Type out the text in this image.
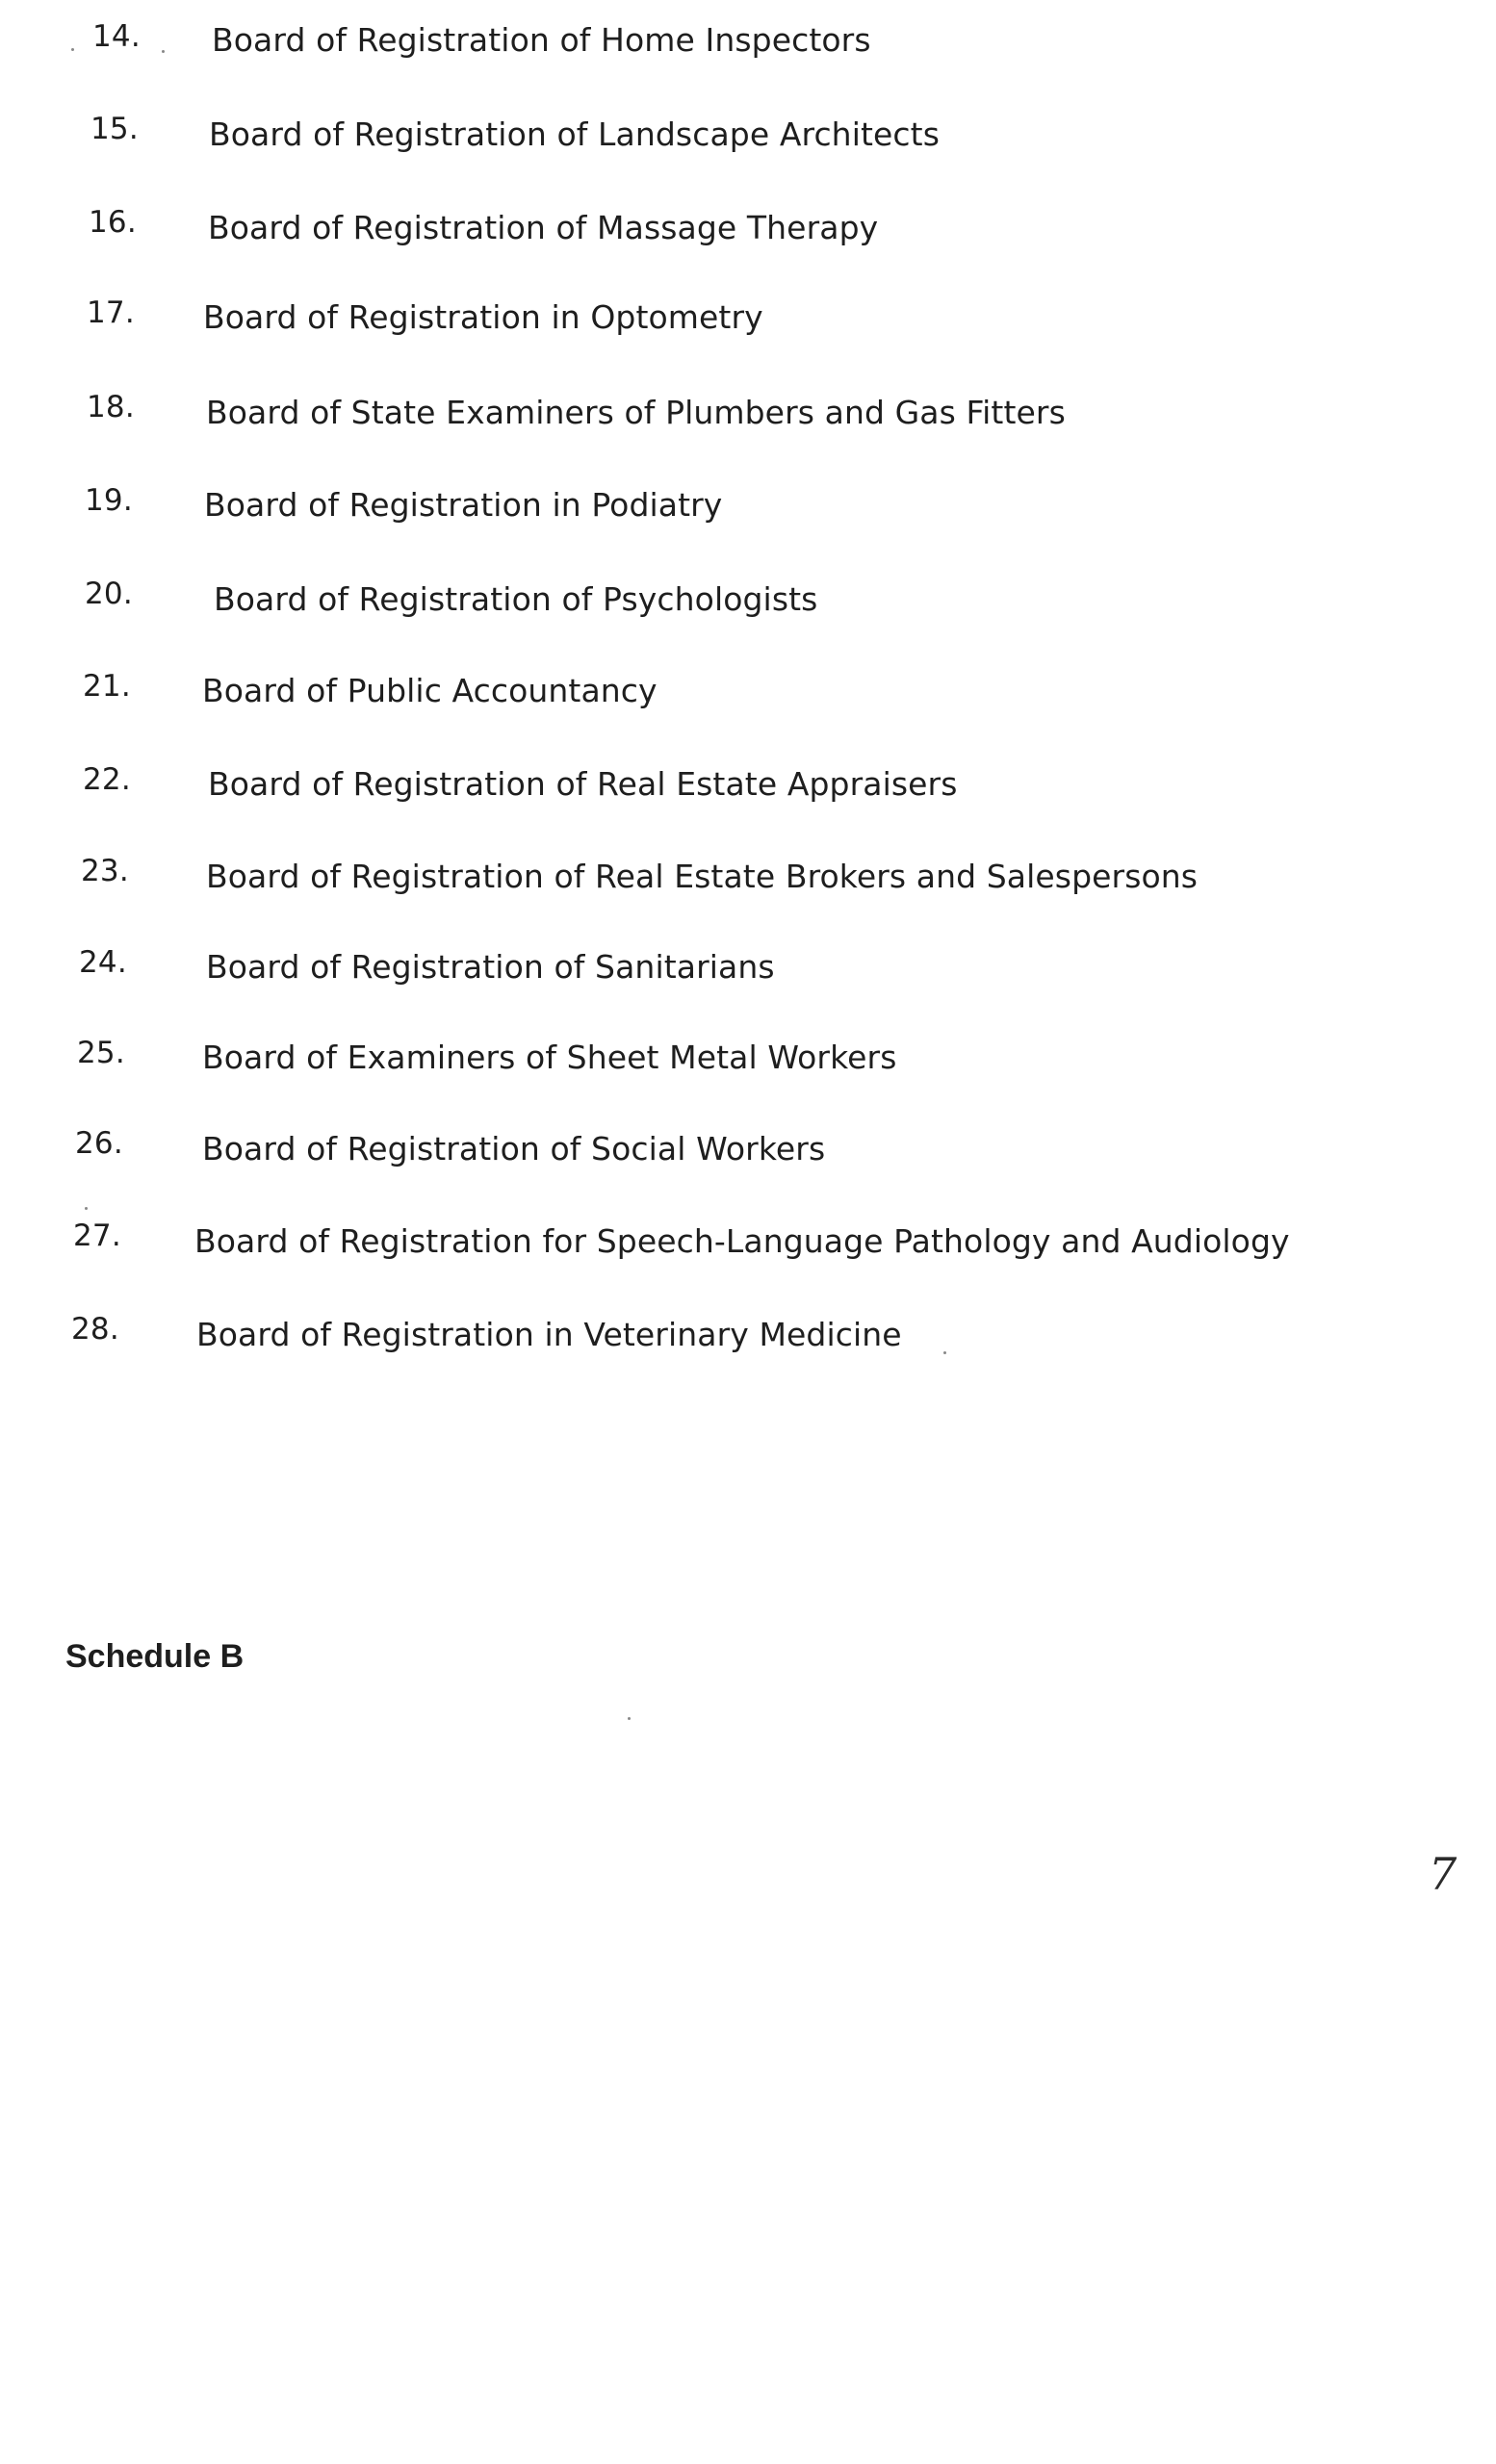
14. Board of Registration of Home Inspectors
15. Board of Registration of Landscape Architects
16. Board of Registration of Massage Therapy
17. Board of Registration in Optometry
18. Board of State Examiners of Plumbers and Gas Fitters
19. Board of Registration in Podiatry
20.	Board of Registration of Psychologists
21. Board of Public Accountancy
22. Board of Registration of Real Estate Appraisers
23. Board of Registration of Real Estate Brokers and Salespersons
24. Board of Registration of Sanitarians
25. Board of Examiners of Sheet Metal Workers
26. Board of Registration of Social Workers
27. Board of Registration for Speech-Language Pathology and Audiology
28. Board of Registration in Veterinary Medicine
Schedule B
7
